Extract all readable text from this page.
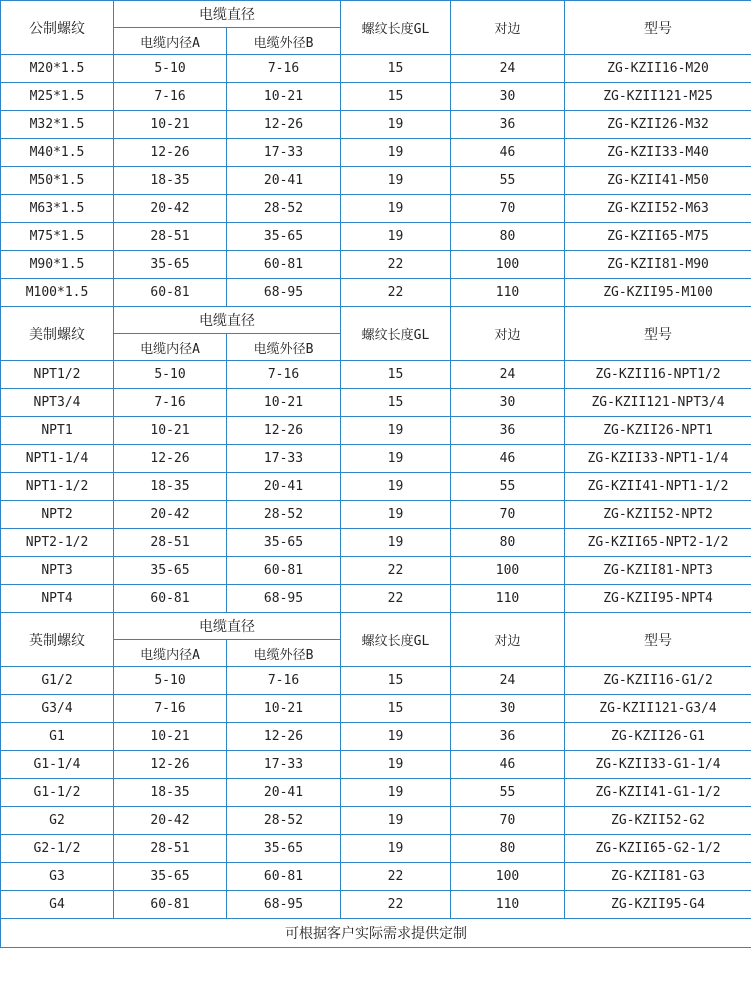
公制螺纹	电缆直径		螺纹长度GL	对边	型号
	电缆内径A	电缆外径B			
M20*1.5	5-10	7-16	15	24	ZG-KZII16-M20
M25*1.5	7-16	10-21	15	30	ZG-KZII121-M25
M32*1.5	10-21	12-26	19	36	ZG-KZII26-M32
M40*1.5	12-26	17-33	19	46	ZG-KZII33-M40
M50*1.5	18-35	20-41	19	55	ZG-KZII41-M50
M63*1.5	20-42	28-52	19	70	ZG-KZII52-M63
M75*1.5	28-51	35-65	19	80	ZG-KZII65-M75
M90*1.5	35-65	60-81	22	100	ZG-KZII81-M90
M100*1.5	60-81	68-95	22	110	ZG-KZII95-M100
美制螺纹	电缆直径		螺纹长度GL	对边	型号
	电缆内径A	电缆外径B			
NPT1/2	5-10	7-16	15	24	ZG-KZII16-NPT1/2
NPT3/4	7-16	10-21	15	30	ZG-KZII121-NPT3/4
NPT1	10-21	12-26	19	36	ZG-KZII26-NPT1
NPT1-1/4	12-26	17-33	19	46	ZG-KZII33-NPT1-1/4
NPT1-1/2	18-35	20-41	19	55	ZG-KZII41-NPT1-1/2
NPT2	20-42	28-52	19	70	ZG-KZII52-NPT2
NPT2-1/2	28-51	35-65	19	80	ZG-KZII65-NPT2-1/2
NPT3	35-65	60-81	22	100	ZG-KZII81-NPT3
NPT4	60-81	68-95	22	110	ZG-KZII95-NPT4
英制螺纹	电缆直径		螺纹长度GL	对边	型号
	电缆内径A	电缆外径B			
G1/2	5-10	7-16	15	24	ZG-KZII16-G1/2
G3/4	7-16	10-21	15	30	ZG-KZII121-G3/4
G1	10-21	12-26	19	36	ZG-KZII26-G1
G1-1/4	12-26	17-33	19	46	ZG-KZII33-G1-1/4
G1-1/2	18-35	20-41	19	55	ZG-KZII41-G1-1/2
G2	20-42	28-52	19	70	ZG-KZII52-G2
G2-1/2	28-51	35-65	19	80	ZG-KZII65-G2-1/2
G3	35-65	60-81	22	100	ZG-KZII81-G3
G4	60-81	68-95	22	110	ZG-KZII95-G4
可根据客户实际需求提供定制					
